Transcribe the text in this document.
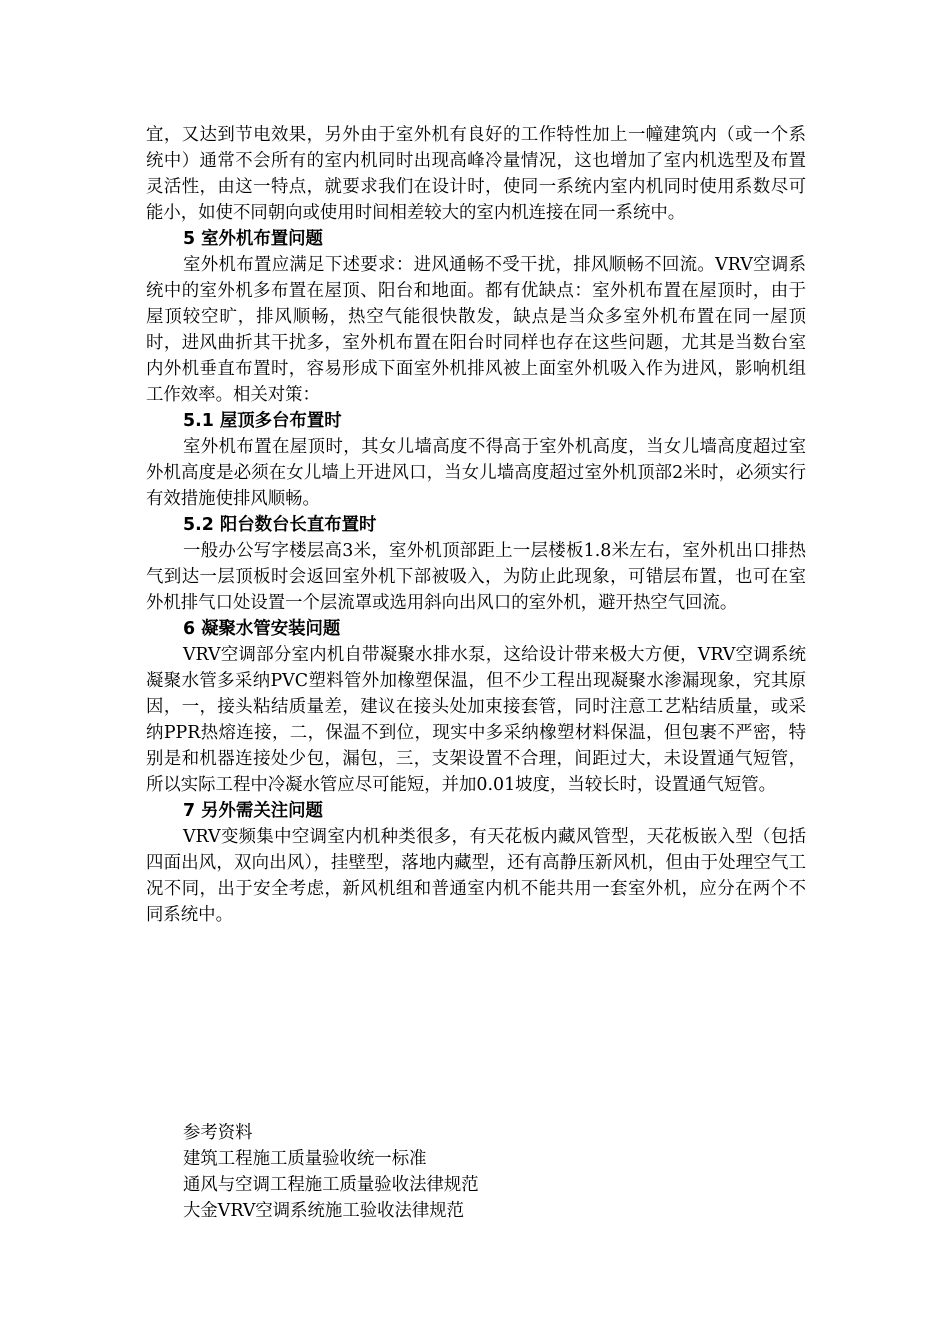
宜，又达到节电效果，另外由于室外机有良好的工作特性加上一幢建筑内（或一个系统中）通常不会所有的室内机同时出现高峰冷量情况，这也增加了室内机选型及布置灵活性，由这一特点，就要求我们在设计时，使同一系统内室内机同时使用系数尽可能小，如使不同朝向或使用时间相差较大的室内机连接在同一系统中。

5 室外机布置问题

室外机布置应满足下述要求：进风通畅不受干扰，排风顺畅不回流。VRV空调系统中的室外机多布置在屋顶、阳台和地面。都有优缺点：室外机布置在屋顶时，由于屋顶较空旷，排风顺畅，热空气能很快散发，缺点是当众多室外机布置在同一屋顶时，进风曲折其干扰多，室外机布置在阳台时同样也存在这些问题，尤其是当数台室内外机垂直布置时，容易形成下面室外机排风被上面室外机吸入作为进风，影响机组工作效率。相关对策：

5.1 屋顶多台布置时

室外机布置在屋顶时，其女儿墙高度不得高于室外机高度，当女儿墙高度超过室外机高度是必须在女儿墙上开进风口，当女儿墙高度超过室外机顶部2米时，必须实行有效措施使排风顺畅。

5.2 阳台数台长直布置时

一般办公写字楼层高3米，室外机顶部距上一层楼板1.8米左右，室外机出口排热气到达一层顶板时会返回室外机下部被吸入，为防止此现象，可错层布置，也可在室外机排气口处设置一个层流罩或选用斜向出风口的室外机，避开热空气回流。

6 凝聚水管安装问题

VRV空调部分室内机自带凝聚水排水泵，这给设计带来极大方便，VRV空调系统凝聚水管多采纳PVC塑料管外加橡塑保温，但不少工程出现凝聚水渗漏现象，究其原因，一，接头粘结质量差，建议在接头处加束接套管，同时注意工艺粘结质量，或采纳PPR热熔连接，二，保温不到位，现实中多采纳橡塑材料保温，但包裹不严密，特别是和机器连接处少包，漏包，三，支架设置不合理，间距过大，未设置通气短管，所以实际工程中冷凝水管应尽可能短，并加0.01坡度，当较长时，设置通气短管。

7 另外需关注问题

VRV变频集中空调室内机种类很多，有天花板内藏风管型，天花板嵌入型（包括四面出风，双向出风），挂壁型，落地内藏型，还有高静压新风机，但由于处理空气工况不同，出于安全考虑，新风机组和普通室内机不能共用一套室外机，应分在两个不同系统中。

参考资料

建筑工程施工质量验收统一标准

通风与空调工程施工质量验收法律规范

大金VRV空调系统施工验收法律规范
